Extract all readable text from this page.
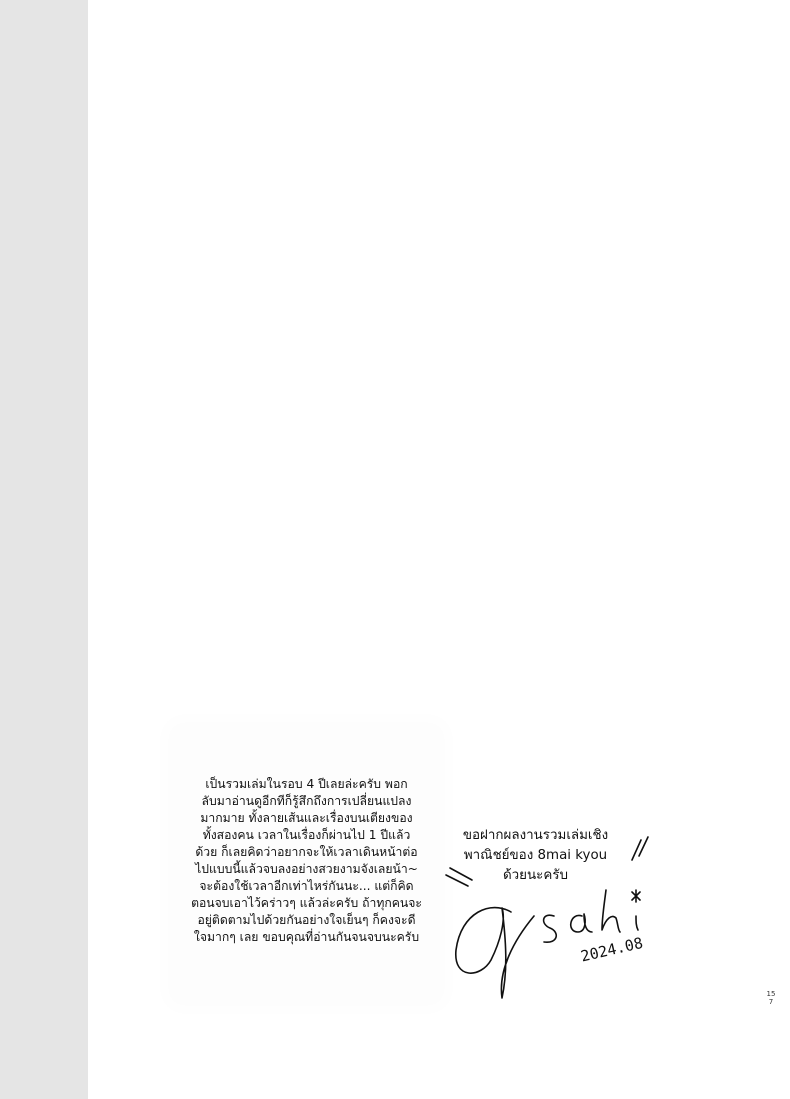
เป็นรวมเล่มในรอบ 4 ปีเลยล่ะครับ พอก
ลับมาอ่านดูอีกทีก็รู้สึกถึงการเปลี่ยนแปลง
มากมาย ทั้งลายเส้นและเรื่องบนเตียงของ
ทั้งสองคน เวลาในเรื่องก็ผ่านไป 1 ปีแล้ว
ด้วย ก็เลยคิดว่าอยากจะให้เวลาเดินหน้าต่อ
ไปแบบนี้แล้วจบลงอย่างสวยงามจังเลยน้า~
จะต้องใช้เวลาอีกเท่าไหร่กันนะ... แต่ก็คิด
ตอนจบเอาไว้คร่าวๆ แล้วล่ะครับ ถ้าทุกคนจะ
อยู่ติดตามไปด้วยกันอย่างใจเย็นๆ ก็คงจะดี
ใจมากๆ เลย ขอบคุณที่อ่านกันจนจบนะครับ
ขอฝากผลงานรวมเล่มเชิง
พาณิชย์ของ 8mai kyou
ด้วยนะครับ
2024.08
157
